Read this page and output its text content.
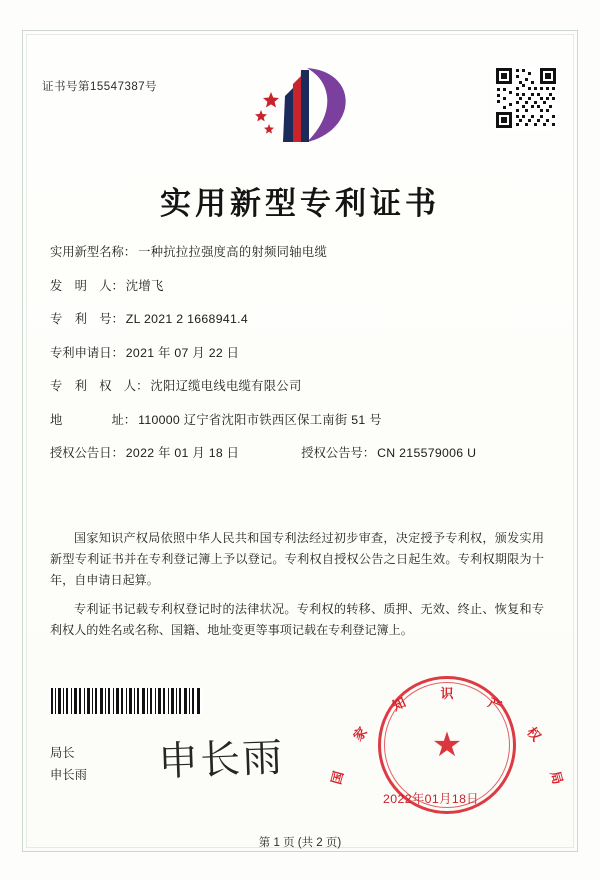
证书号第15547387号
实用新型专利证书
实用新型名称： 一种抗拉拉强度高的射频同轴电缆
发　明　人： 沈增飞
专　利　号： ZL 2021 2 1668941.4
专利申请日： 2021 年 07 月 22 日
专　利　权　人： 沈阳辽缆电线电缆有限公司
地　　　　址： 110000 辽宁省沈阳市铁西区保工南街 51 号
授权公告日： 2022 年 01 月 18 日	授权公告号： CN 215579006 U

国家知识产权局依照中华人民共和国专利法经过初步审查，决定授予专利权，颁发实用新型专利证书并在专利登记簿上予以登记。专利权自授权公告之日起生效。专利权期限为十年，自申请日起算。

专利证书记载专利权登记时的法律状况。专利权的转移、质押、无效、终止、恢复和专利权人的姓名或名称、国籍、地址变更等事项记载在专利登记簿上。

国
家
知
识
产
权
局
★
局长
申长雨 申长雨
2022年01月18日
第 1 页 (共 2 页)
